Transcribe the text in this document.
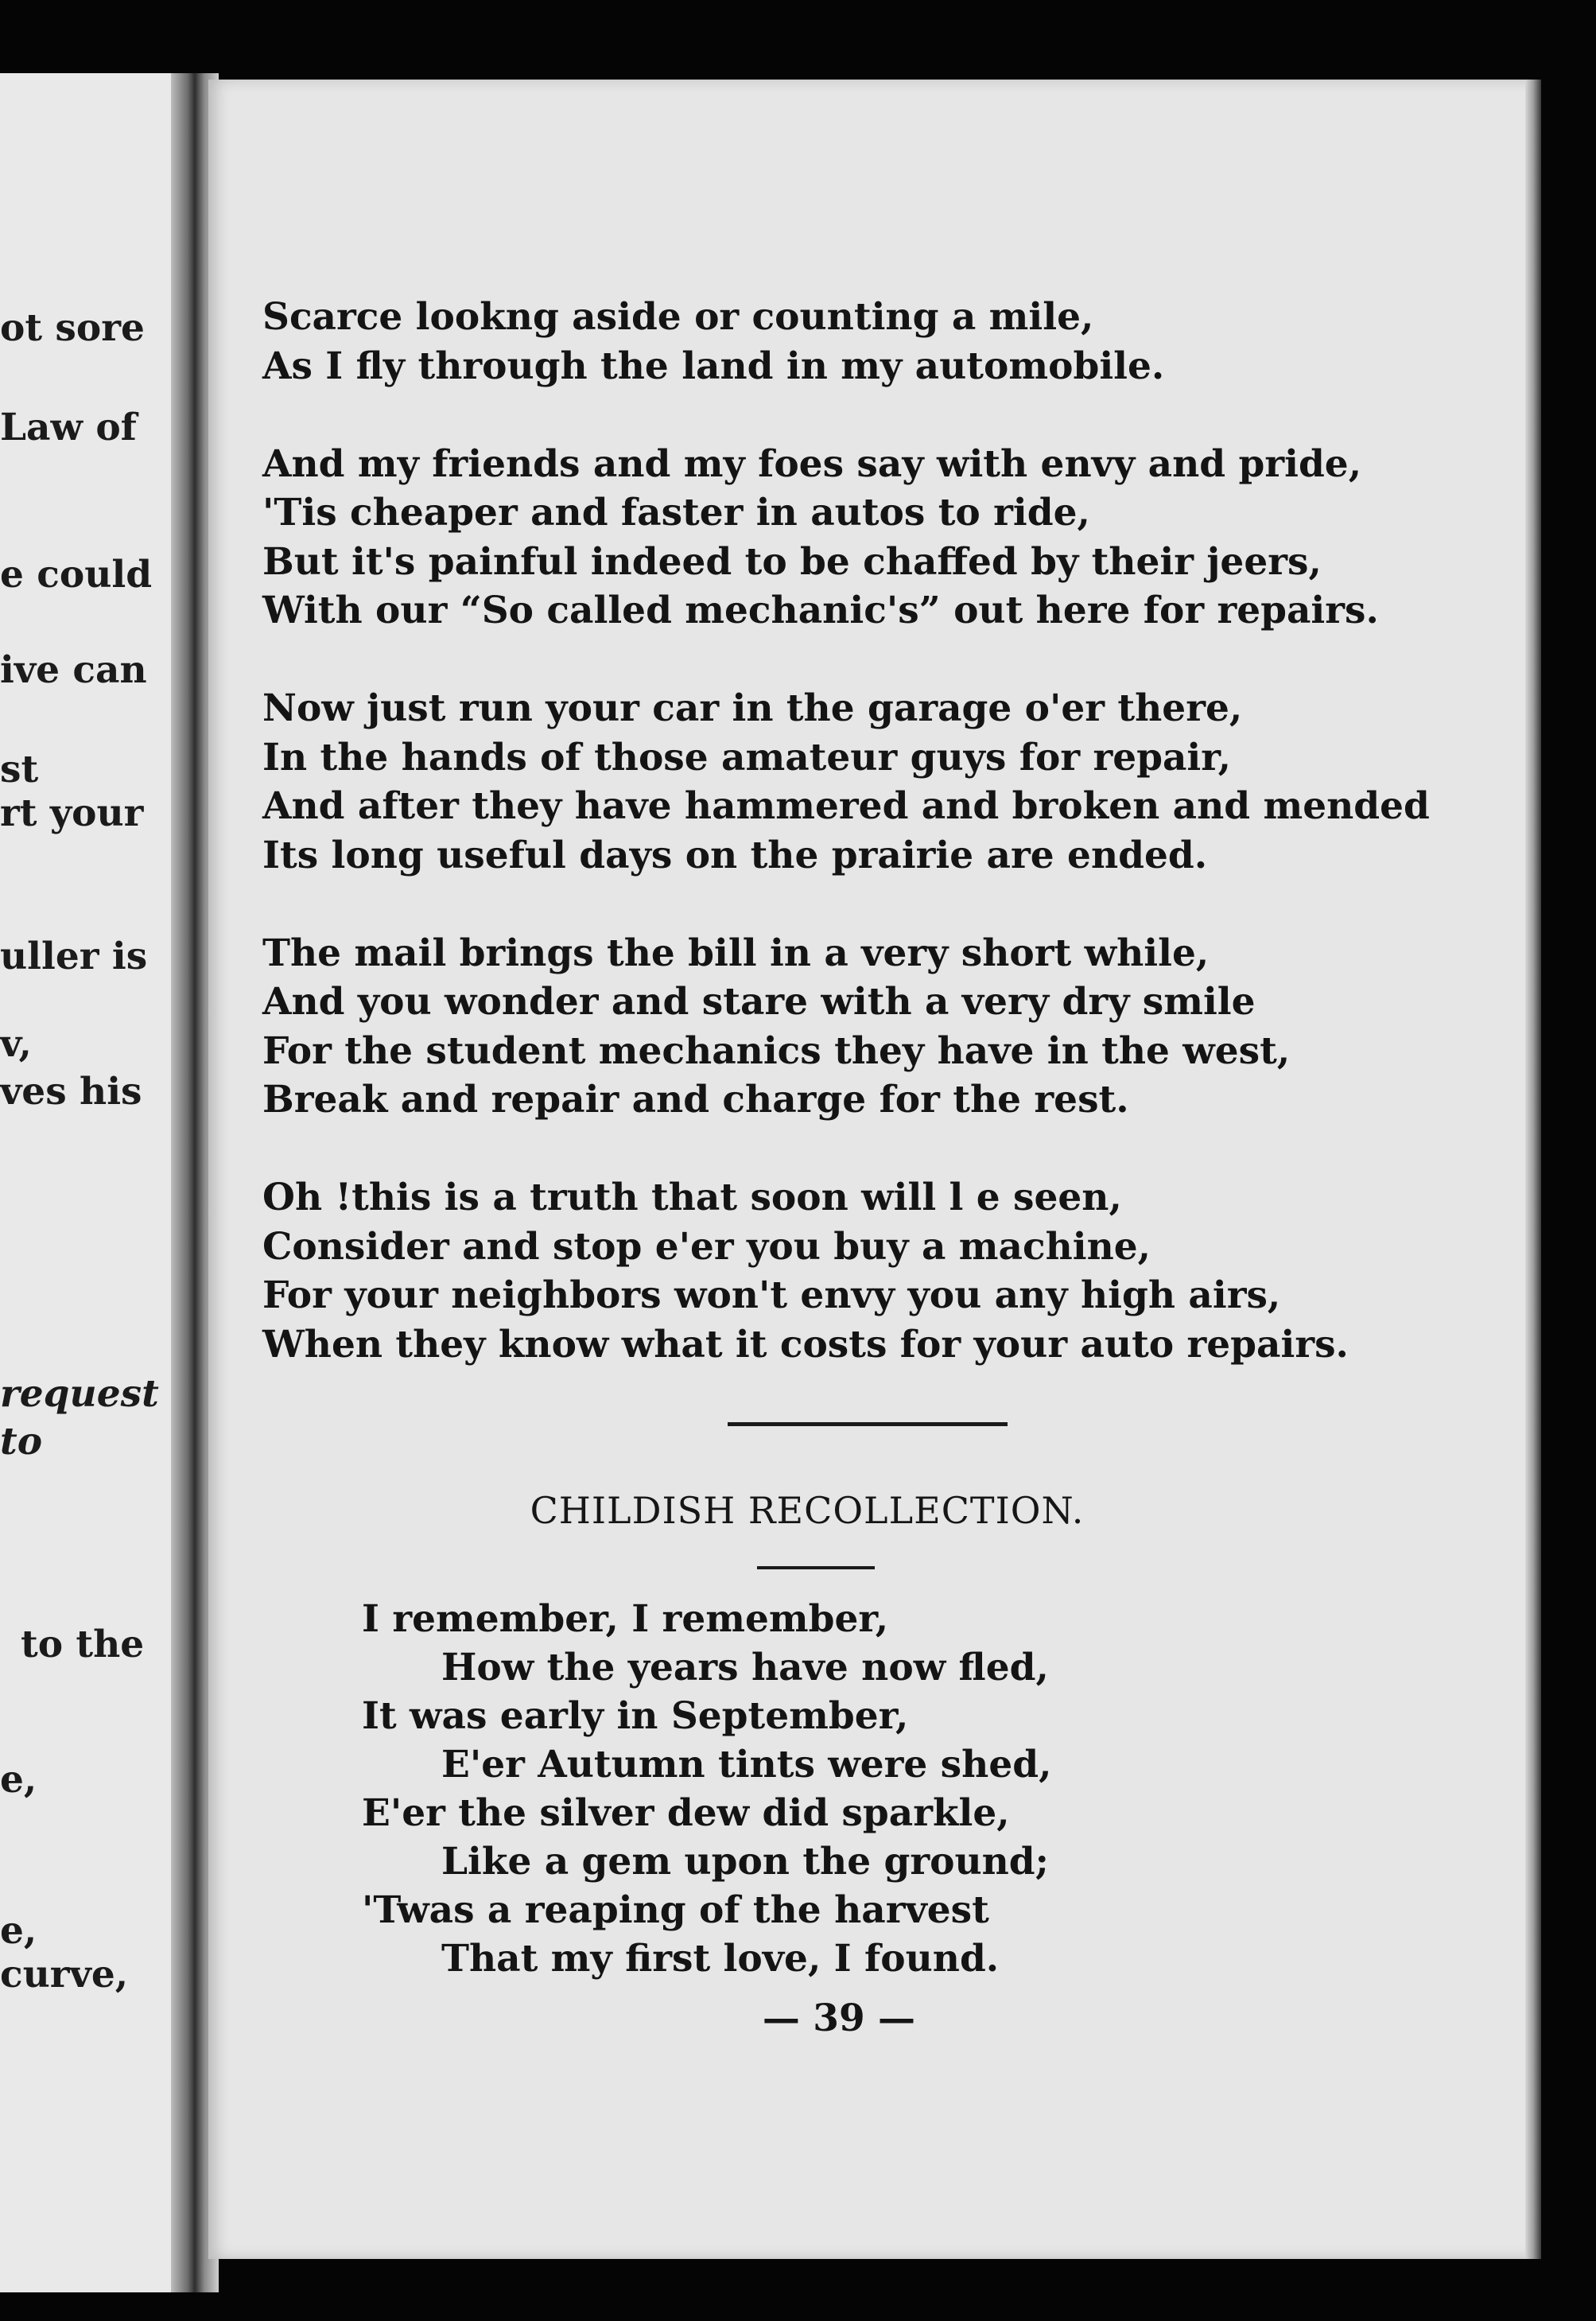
ot sore
Law of
e could
ive can
st
rt your
uller is
v,
ves his
request
to
to the
e,
e,
curve,
Scarce lookng aside or counting a mile,
As I fly through the land in my automobile.
And my friends and my foes say with envy and pride,
'Tis cheaper and faster in autos to ride,
But it's painful indeed to be chaffed by their jeers,
With our “So called mechanic's” out here for repairs.
Now just run your car in the garage o'er there,
In the hands of those amateur guys for repair,
And after they have hammered and broken and mended
Its long useful days on the prairie are ended.
The mail brings the bill in a very short while,
And you wonder and stare with a very dry smile
For the student mechanics they have in the west,
Break and repair and charge for the rest.
Oh !this is a truth that soon will l e seen,
Consider and stop e'er you buy a machine,
For your neighbors won't envy you any high airs,
When they know what it costs for your auto repairs.
CHILDISH RECOLLECTION.
I remember, I remember,
How the years have now fled,
It was early in September,
E'er Autumn tints were shed,
E'er the silver dew did sparkle,
Like a gem upon the ground;
'Twas a reaping of the harvest
That my first love, I found.
— 39 —
